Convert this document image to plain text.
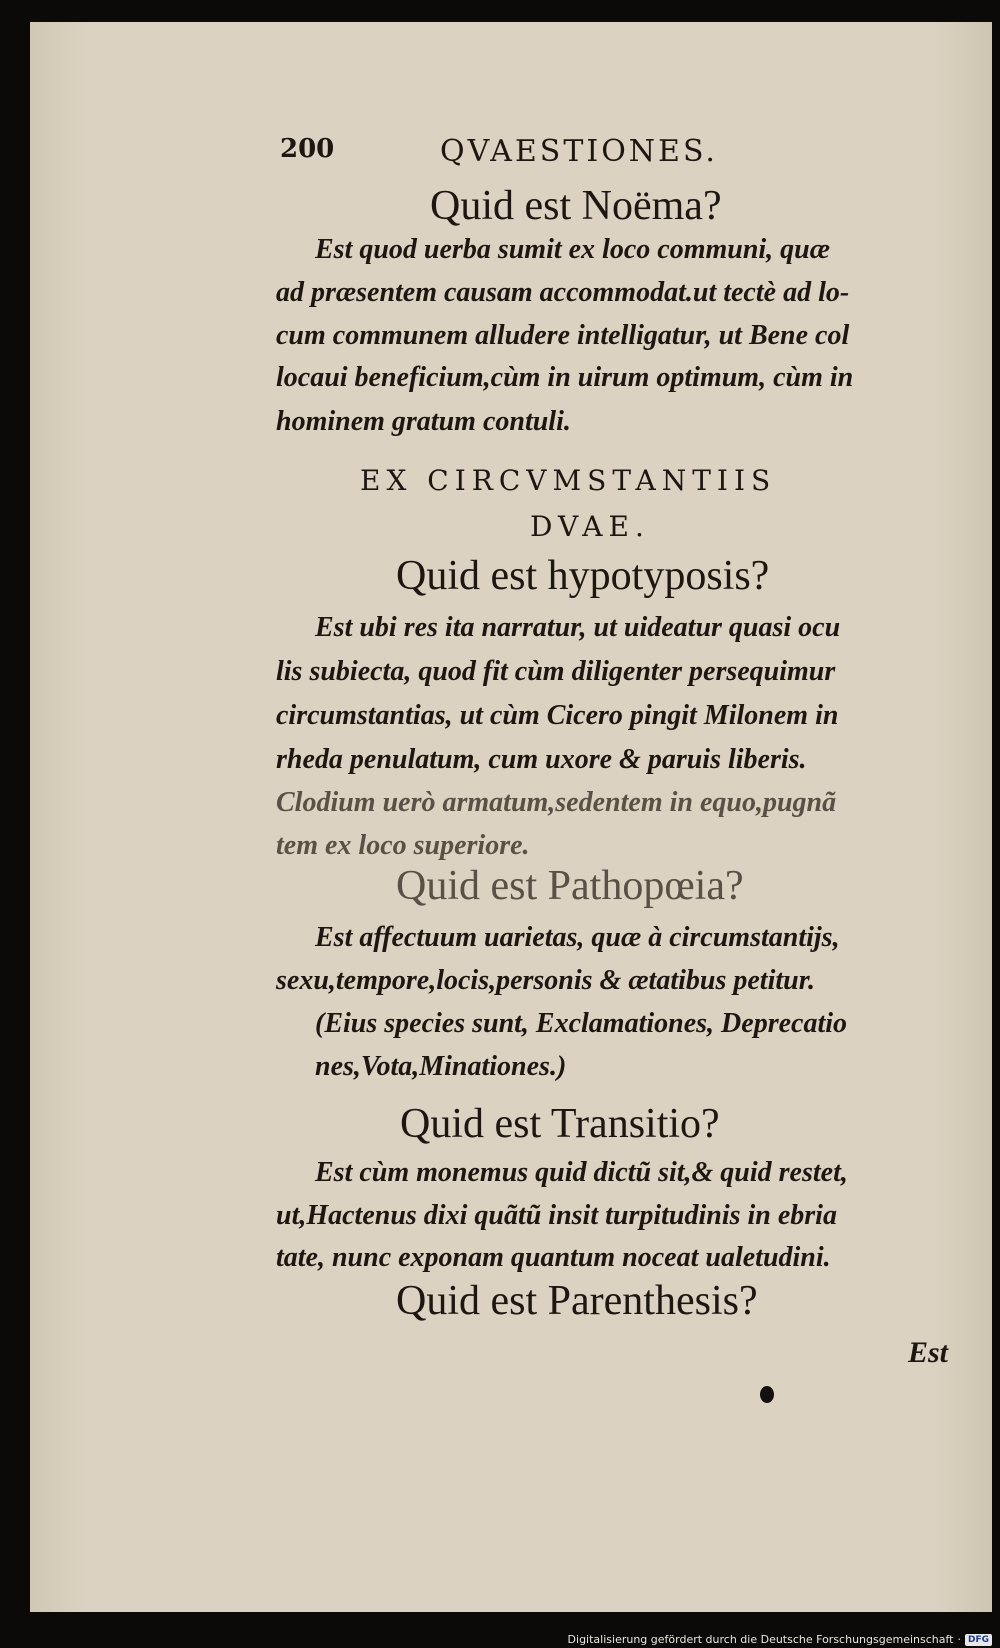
200	QVAESTIONES.
Quid est Noëma?
Est quod uerba sumit ex loco communi, quæ
ad præsentem causam accommodat.ut tectè ad lo-
cum communem alludere intelligatur, ut Bene col
locaui beneficium,cùm in uirum optimum, cùm in
hominem gratum contuli.
EX CIRCVMSTANTIIS
DVAE.
Quid est hypotyposis?
Est ubi res ita narratur, ut uideatur quasi ocu
lis subiecta, quod fit cùm diligenter persequimur
circumstantias, ut cùm Cicero pingit Milonem in
rheda penulatum, cum uxore & paruis liberis.
Clodium uerò armatum,sedentem in equo,pugnã
tem ex loco superiore.
Quid est Pathopœia?
Est affectuum uarietas, quæ à circumstantijs,
sexu,tempore,locis,personis & ætatibus petitur.
(Eius species sunt, Exclamationes, Deprecatio
nes,Vota,Minationes.)
Quid est Transitio?
Est cùm monemus quid dictũ sit,& quid restet,
ut,Hactenus dixi quãtũ insit turpitudinis in ebria
tate, nunc exponam quantum noceat ualetudini.
Quid est Parenthesis?
Est
Digitalisierung gefördert durch die Deutsche Forschungsgemeinschaft · DFG
